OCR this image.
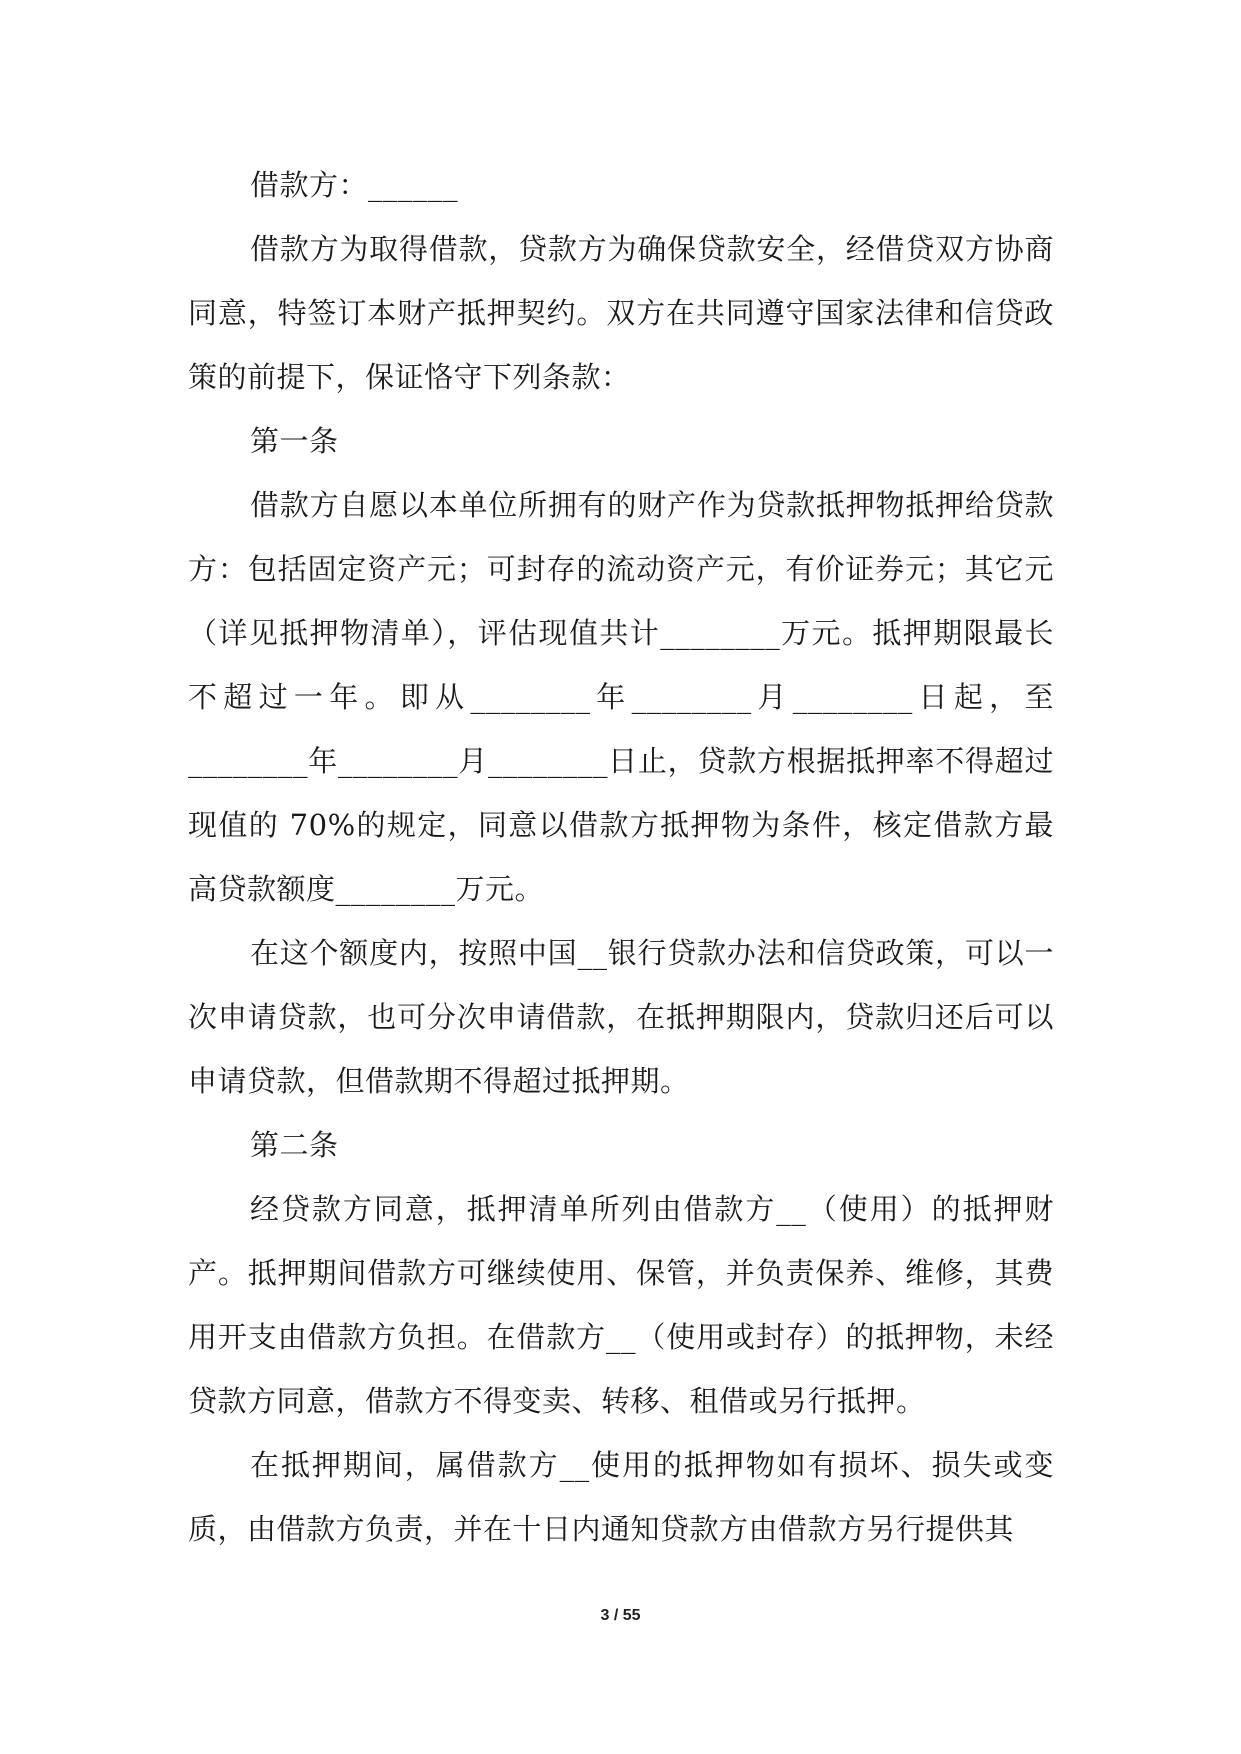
借款方：______

借款方为取得借款，贷款方为确保贷款安全，经借贷双方协商同意，特签订本财产抵押契约。双方在共同遵守国家法律和信贷政策的前提下，保证恪守下列条款：

第一条

借款方自愿以本单位所拥有的财产作为贷款抵押物抵押给贷款方：包括固定资产元；可封存的流动资产元，有价证券元；其它元（详见抵押物清单），评估现值共计________万元。抵押期限最长不超过一年。即从________年________月________日起，至________年________月________日止，贷款方根据抵押率不得超过现值的 70%的规定，同意以借款方抵押物为条件，核定借款方最高贷款额度________万元。

在这个额度内，按照中国__银行贷款办法和信贷政策，可以一次申请贷款，也可分次申请借款，在抵押期限内，贷款归还后可以申请贷款，但借款期不得超过抵押期。

第二条

经贷款方同意，抵押清单所列由借款方__（使用）的抵押财产。抵押期间借款方可继续使用、保管，并负责保养、维修，其费用开支由借款方负担。在借款方__（使用或封存）的抵押物，未经贷款方同意，借款方不得变卖、转移、租借或另行抵押。

在抵押期间，属借款方__使用的抵押物如有损坏、损失或变质，由借款方负责，并在十日内通知贷款方由借款方另行提供其

3 / 55
